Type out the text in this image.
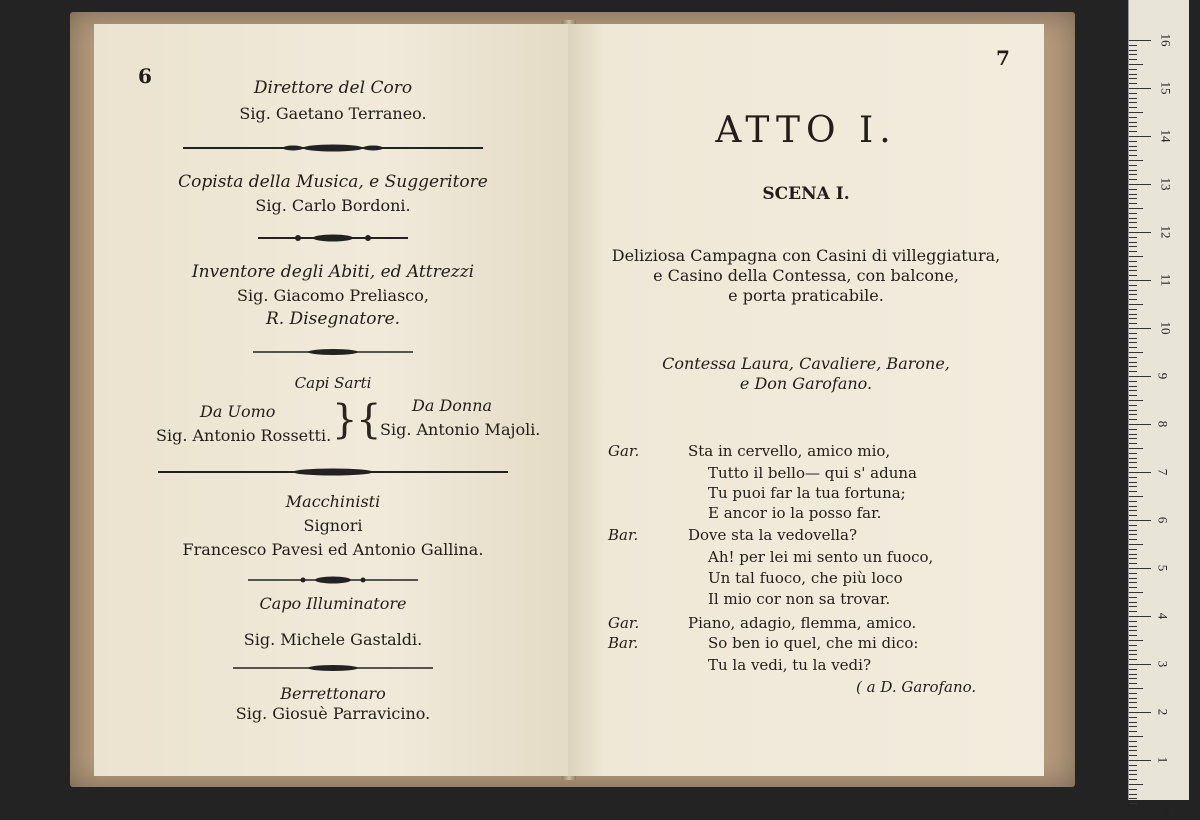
6	Direttore del Coro
Sig. Gaetano Terraneo.
Copista della Musica, e Suggeritore
Sig. Carlo Bordoni.
Inventore degli Abiti, ed Attrezzi
Sig. Giacomo Preliasco,
R. Disegnatore.
Capi Sarti
Da Uomo
Sig. Antonio Rossetti. }
{ Da Donna
Sig. Antonio Majoli.
Macchinisti
Signori
Francesco Pavesi ed Antonio Gallina.
Capo Illuminatore
Sig. Michele Gastaldi.
Berrettonaro
Sig. Giosuè Parravicino.
7
ATTO I.
SCENA I.
Deliziosa Campagna con Casini di villeggiatura,
e Casino della Contessa, con balcone,
e porta praticabile.
Contessa Laura, Cavaliere, Barone,
e Don Garofano.
Gar.	Sta in cervello, amico mio,
Tutto il bello— qui s' aduna
Tu puoi far la tua fortuna;
E ancor io la posso far.
Bar.	Dove sta la vedovella?
Ah! per lei mi sento un fuoco,
Un tal fuoco, che più loco
Il mio cor non sa trovar.
Gar.	Piano, adagio, flemma, amico.
Bar.	So ben io quel, che mi dico:
Tu la vedi, tu la vedi?
( a D. Garofano.
16
15
14
13
12
11
10
9
8
7
6
5
4
3
2
1
cm
